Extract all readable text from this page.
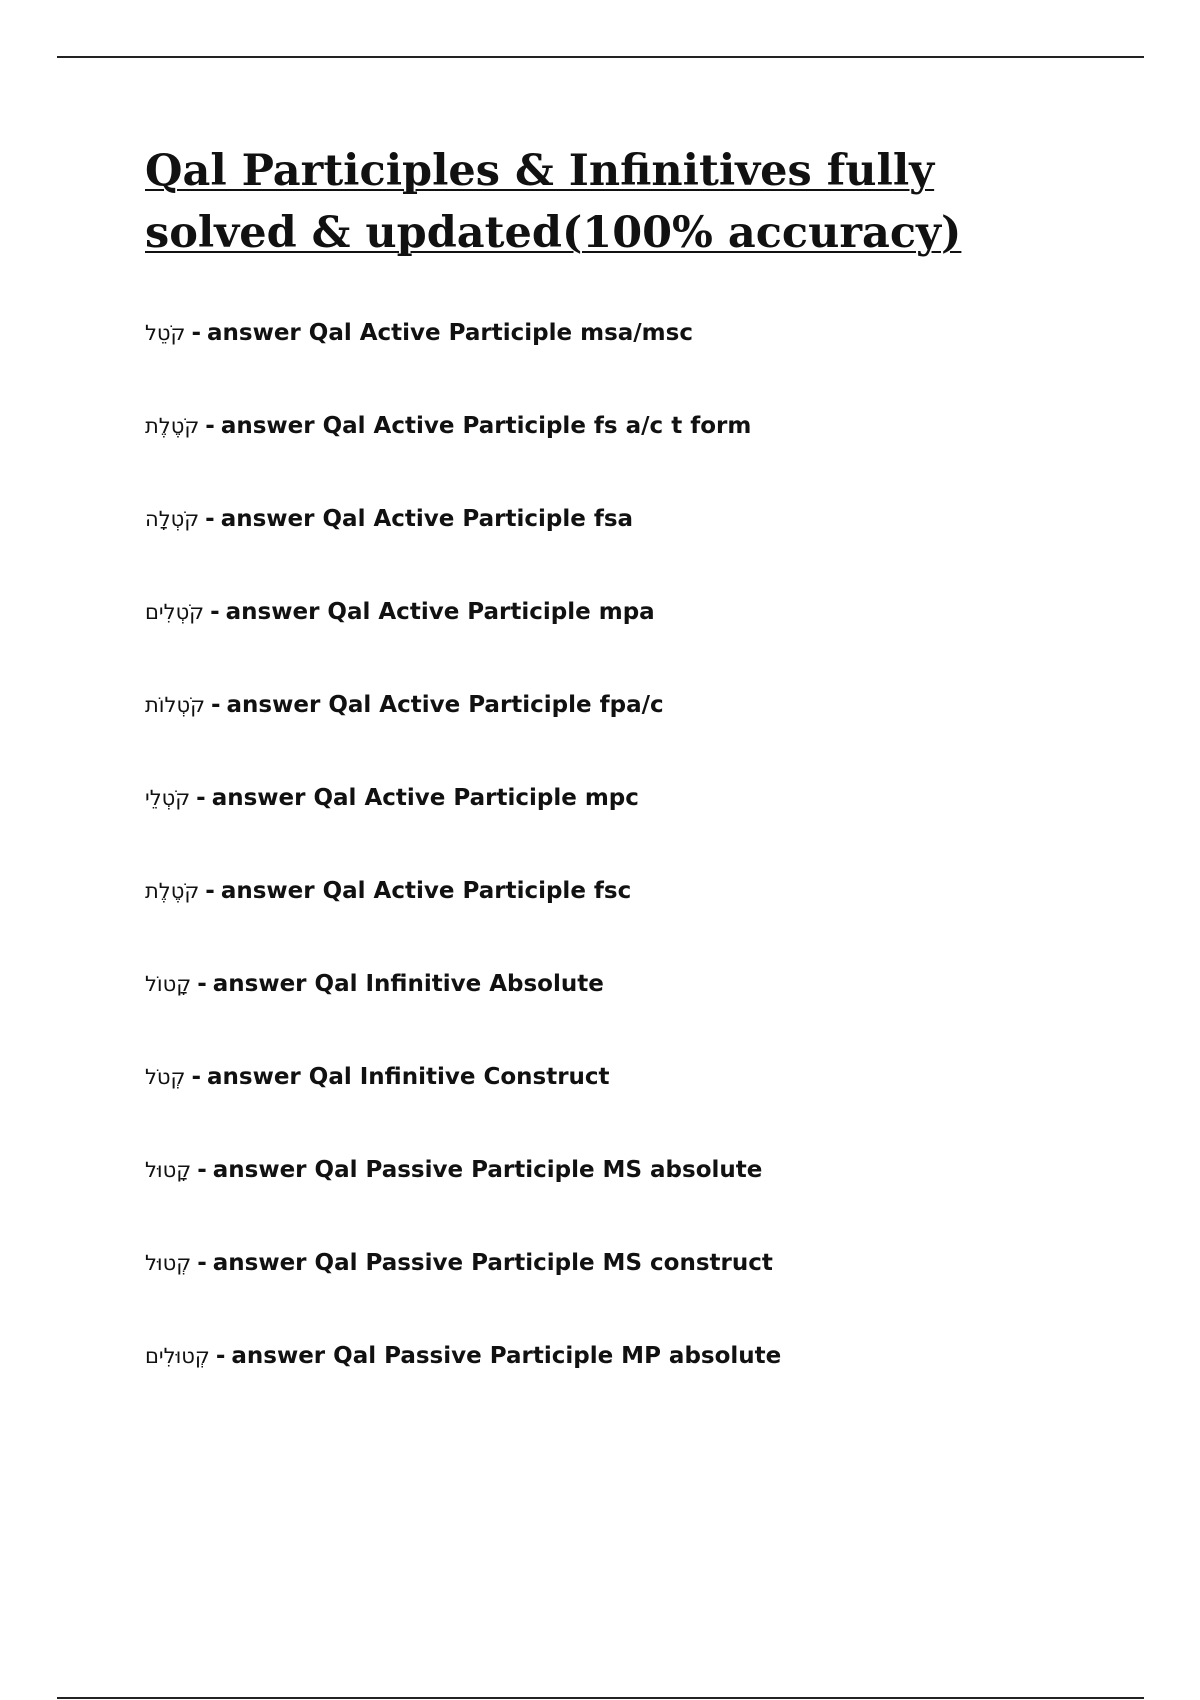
Qal Participles & Infinitives fully solved & updated(100% accuracy)
קֹטֵל - answer Qal Active Participle msa/msc
קֹטֶלֶת - answer Qal Active Participle fs a/c t form
קֹטְלָה - answer Qal Active Participle fsa
קֹטְלִים - answer Qal Active Participle mpa
קֹטְלוֹת - answer Qal Active Participle fpa/c
קֹטְלֵי - answer Qal Active Participle mpc
קֹטֶלֶת - answer Qal Active Participle fsc
קָטוֹל - answer Qal Infinitive Absolute
קְטֹל - answer Qal Infinitive Construct
קָטוּל - answer Qal Passive Participle MS absolute
קְטוּל - answer Qal Passive Participle MS construct
קְטוּלִים - answer Qal Passive Participle MP absolute
